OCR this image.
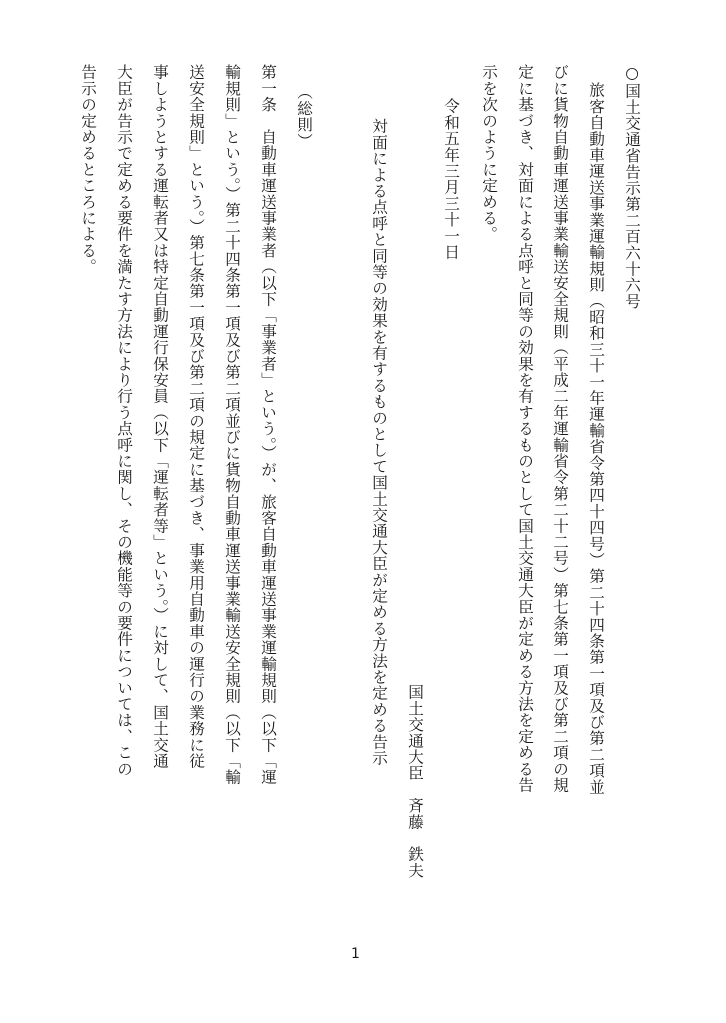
○国土交通省告示第二百六十六号
旅客自動車運送事業運輸規則（昭和三十一年運輸省令第四十四号）第二十四条第一項及び第二項並
びに貨物自動車運送事業輸送安全規則（平成二年運輸省令第二十二号）第七条第一項及び第二項の規
定に基づき、対面による点呼と同等の効果を有するものとして国土交通大臣が定める方法を定める告
示を次のように定める。
令和五年三月三十一日
国土交通大臣　斉藤　鉄夫
対面による点呼と同等の効果を有するものとして国土交通大臣が定める方法を定める告示
（総則）
第一条　自動車運送事業者（以下「事業者」という。）が、旅客自動車運送事業運輸規則（以下「運
輸規則」という。）第二十四条第一項及び第二項並びに貨物自動車運送事業輸送安全規則（以下「輸
送安全規則」という。）第七条第一項及び第二項の規定に基づき、事業用自動車の運行の業務に従
事しようとする運転者又は特定自動運行保安員（以下「運転者等」という。）に対して、国土交通
大臣が告示で定める要件を満たす方法により行う点呼に関し、その機能等の要件については、この
告示の定めるところによる。
1
